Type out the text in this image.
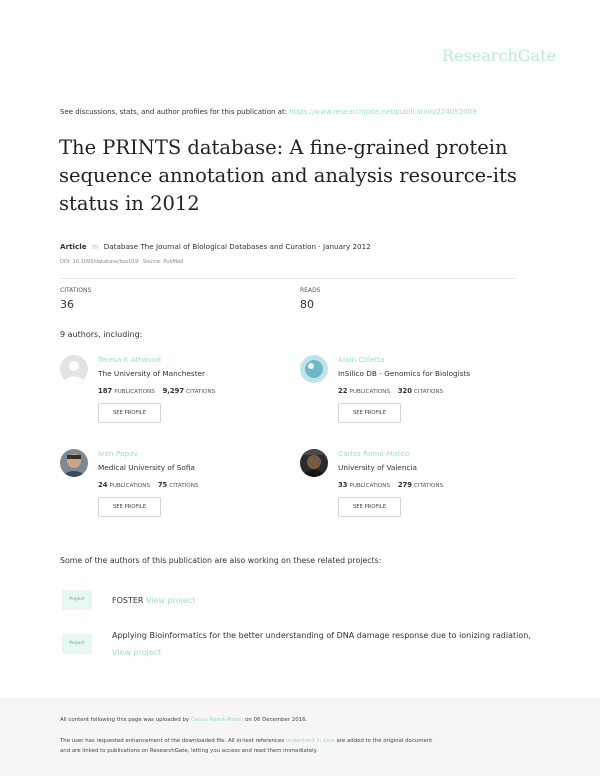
ResearchGate
See discussions, stats, and author profiles for this publication at: https://www.researchgate.net/publication/224052009
The PRINTS database: A fine-grained protein sequence annotation and analysis resource-its status in 2012
Article in Database The Journal of Biological Databases and Curation · January 2012
DOI: 10.1093/database/bas019 · Source: PubMed
CITATIONS
36
READS
80
9 authors, including:
Teresa K Attwood
The University of Manchester
187 PUBLICATIONS 9,297 CITATIONS
SEE PROFILE
Alain Coletta
InSilico DB - Genomics for Biologists
22 PUBLICATIONS 320 CITATIONS
SEE PROFILE
Ivan Popov
Medical University of Sofia
24 PUBLICATIONS 75 CITATIONS
SEE PROFILE
Carlos Romá-Mateo
University of Valencia
33 PUBLICATIONS 279 CITATIONS
SEE PROFILE
Some of the authors of this publication are also working on these related projects:
Project	FOSTER View project
Project
Applying Bioinformatics for the better understanding of DNA damage response due to ionizing radiation, View project
All content following this page was uploaded by Carlos Romá-Mateo on 06 December 2016.
The user has requested enhancement of the downloaded file. All in-text references underlined in blue are added to the original document
and are linked to publications on ResearchGate, letting you access and read them immediately.
